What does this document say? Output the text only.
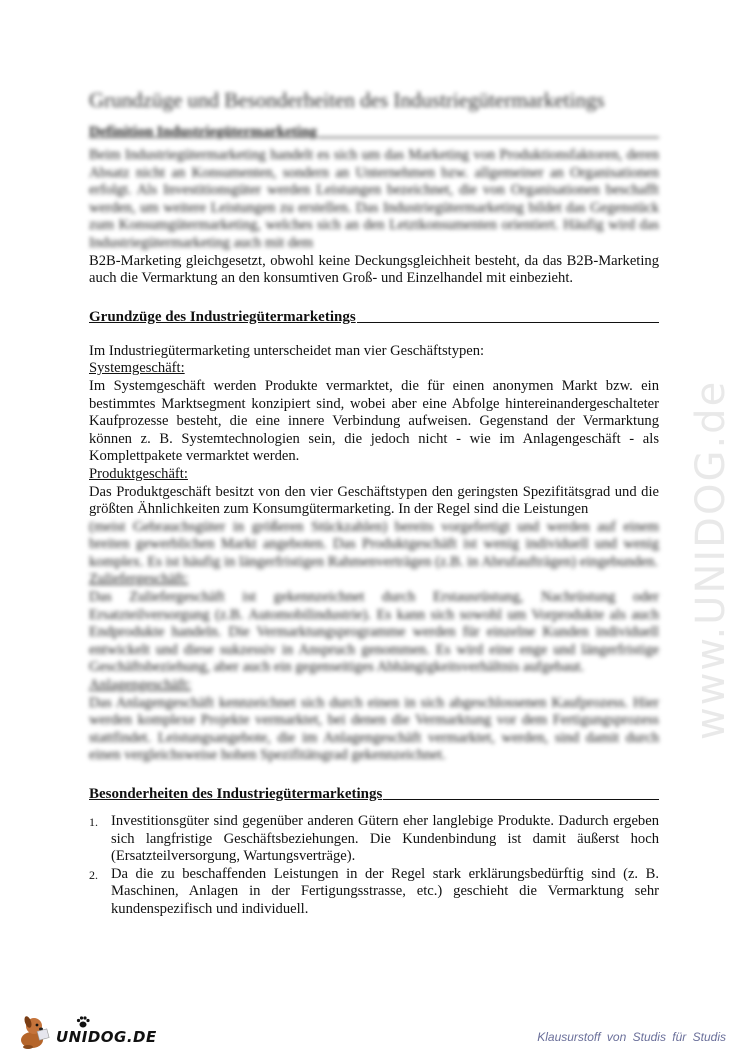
www.UNIDOG.de
Grundzüge und Besonderheiten des Industriegütermarketings
Definition Industriegütermarketing

Beim Industriegütermarketing handelt es sich um das Marketing von Produktionsfaktoren, deren Absatz nicht an Konsumenten, sondern an Unternehmen bzw. allgemeiner an Organisationen erfolgt. Als Investitionsgüter werden Leistungen bezeichnet, die von Organisationen beschafft werden, um weitere Leistungen zu erstellen. Das Industriegütermarketing bildet das Gegenstück zum Konsumgütermarketing, welches sich an den Letztkonsumenten orientiert. Häufig wird das Industriegütermarketing auch mit dem

B2B-Marketing gleichgesetzt, obwohl keine Deckungsgleichheit besteht, da das B2B-Marketing auch die Vermarktung an den konsumtiven Groß- und Einzelhandel mit einbezieht.

Grundzüge des Industriegütermarketings

Im Industriegütermarketing unterscheidet man vier Geschäftstypen:

Systemgeschäft:

Im Systemgeschäft werden Produkte vermarktet, die für einen anonymen Markt bzw. ein bestimmtes Marktsegment konzipiert sind, wobei aber eine Abfolge hintereinandergeschalteter Kaufprozesse besteht, die eine innere Verbindung aufweisen. Gegenstand der Vermarktung können z. B. Systemtechnologien sein, die jedoch nicht - wie im Anlagengeschäft - als Komplettpakete vermarktet werden.

Produktgeschäft:

Das Produktgeschäft besitzt von den vier Geschäftstypen den geringsten Spezifitätsgrad und die größten Ähnlichkeiten zum Konsumgütermarketing. In der Regel sind die Leistungen

(meist Gebrauchsgüter in größeren Stückzahlen) bereits vorgefertigt und werden auf einem breiten gewerblichen Markt angeboten. Das Produktgeschäft ist wenig individuell und wenig komplex. Es ist häufig in längerfristigen Rahmenverträgen (z.B. in Abrufaufträgen) eingebunden.

Zuliefergeschäft:

Das Zuliefergeschäft ist gekennzeichnet durch Erstausrüstung, Nachrüstung oder Ersatzteilversorgung (z.B. Automobilindustrie). Es kann sich sowohl um Vorprodukte als auch Endprodukte handeln. Die Vermarktungsprogramme werden für einzelne Kunden individuell entwickelt und diese sukzessiv in Anspruch genommen. Es wird eine enge und längerfristige Geschäftsbeziehung, aber auch ein gegenseitiges Abhängigkeitsverhältnis aufgebaut.

Anlagengeschäft:

Das Anlagengeschäft kennzeichnet sich durch einen in sich abgeschlossenen Kaufprozess. Hier werden komplexe Projekte vermarktet, bei denen die Vermarktung vor dem Fertigungsprozess stattfindet. Leistungsangebote, die im Anlagengeschäft vermarktet, werden, sind damit durch einen vergleichsweise hohen Spezifitätsgrad gekennzeichnet.

Besonderheiten des Industriegütermarketings
1. Investitionsgüter sind gegenüber anderen Gütern eher langlebige Produkte. Dadurch ergeben sich langfristige Geschäftsbeziehungen. Die Kundenbindung ist damit äußerst hoch (Ersatzteilversorgung, Wartungsverträge).
2. Da die zu beschaffenden Leistungen in der Regel stark erklärungsbedürftig sind (z. B. Maschinen, Anlagen in der Fertigungsstrasse, etc.) geschieht die Vermarktung sehr kundenspezifisch und individuell.
UNIDOG.DE	Klausurstoff von Studis für Studis
